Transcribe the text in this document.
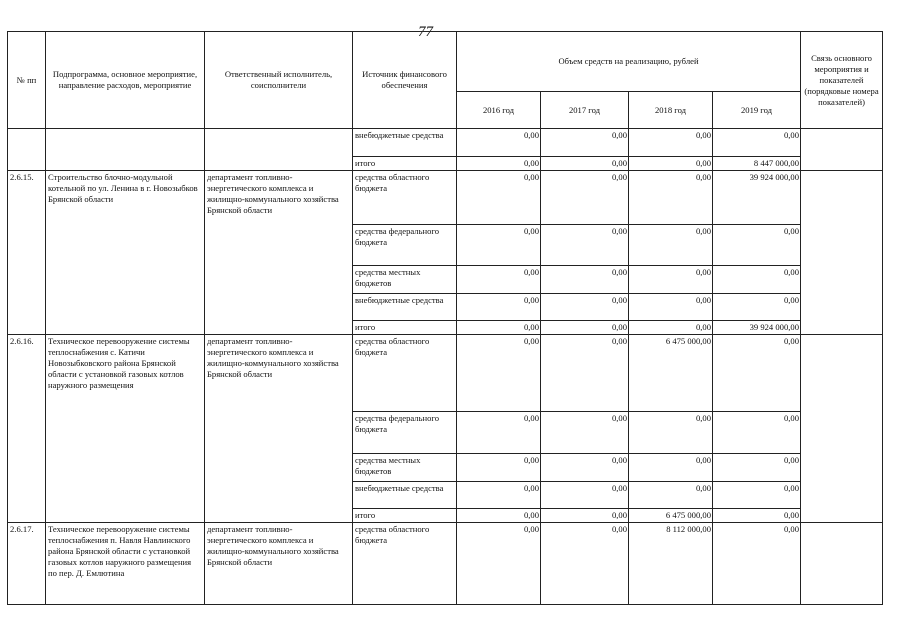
77
№ пп	Подпрограмма, основное мероприятие, направление расходов, мероприятие	Ответственный исполнитель, соисполнители	Источник финансового обеспечения	Объем средств на реализацию, рублей				Связь основного мероприятия и показателей (порядковые номера показателей)
				2016 год	2017 год	2018 год	2019 год	
			внебюджетные средства	0,00	0,00	0,00	0,00	
			итого	0,00	0,00	0,00	8 447 000,00	
2.6.15.	Строительство блочно-модульной котельной по ул. Ленина в г. Новозыбков Брянской области	департамент топливно-энергетического комплекса и жилищно-коммунального хозяйства Брянской области	средства областного бюджета	0,00	0,00	0,00	39 924 000,00	
			средства федерального бюджета	0,00	0,00	0,00	0,00	
			средства местных бюджетов	0,00	0,00	0,00	0,00	
			внебюджетные средства	0,00	0,00	0,00	0,00	
			итого	0,00	0,00	0,00	39 924 000,00	
2.6.16.	Техническое перевооружение системы теплоснабжения с. Катичи Новозыбковского района Брянской области с установкой газовых котлов наружного размещения	департамент топливно-энергетического комплекса и жилищно-коммунального хозяйства Брянской области	средства областного бюджета	0,00	0,00	6 475 000,00	0,00	
			средства федерального бюджета	0,00	0,00	0,00	0,00	
			средства местных бюджетов	0,00	0,00	0,00	0,00	
			внебюджетные средства	0,00	0,00	0,00	0,00	
			итого	0,00	0,00	6 475 000,00	0,00	
2.6.17.	Техническое перевооружение системы теплоснабжения п. Навля Навлинского района Брянской области с установкой газовых котлов наружного размещения по пер. Д. Емлютина	департамент топливно-энергетического комплекса и жилищно-коммунального хозяйства Брянской области	средства областного бюджета	0,00	0,00	8 112 000,00	0,00	
